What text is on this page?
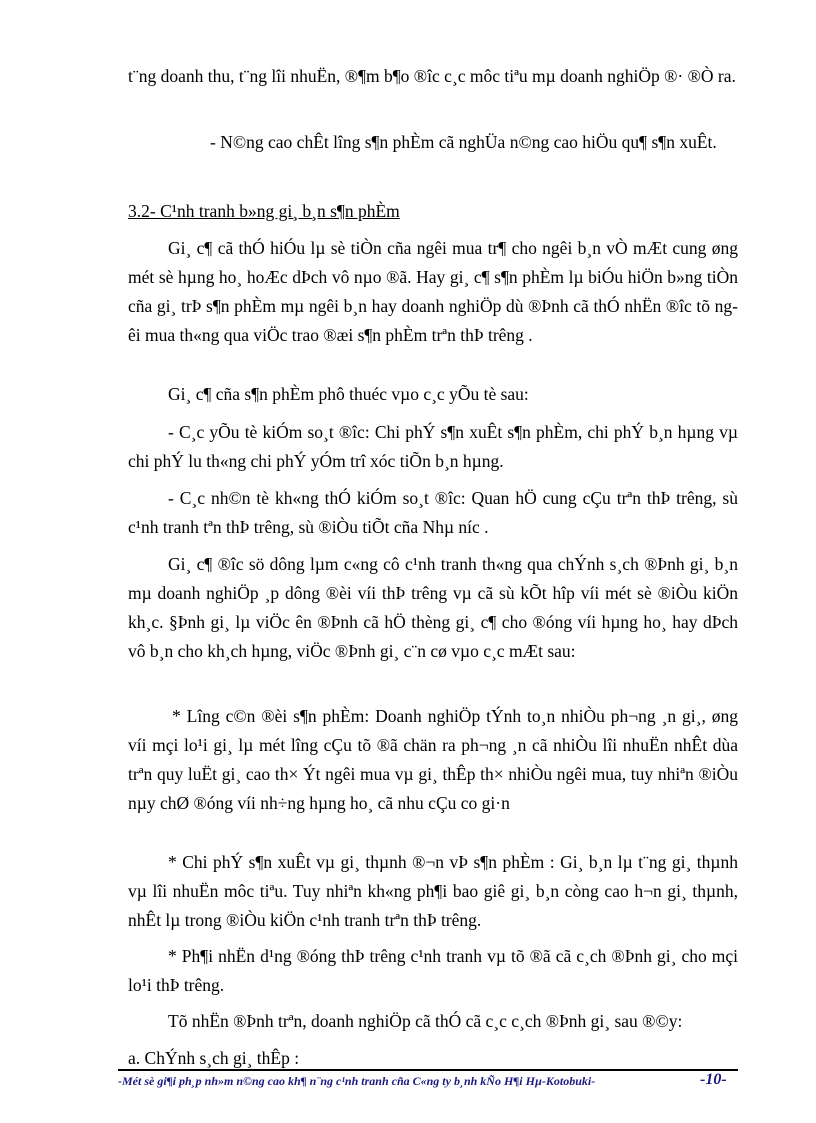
t¨ng doanh thu, t¨ng lîi nhuËn, ®¶m b¶o ®îc c¸c môc tiªu mµ doanh nghiÖp ®· ®Ò ra.
- N©ng cao chÊt lîng s¶n phÈm cã nghÜa n©ng cao hiÖu qu¶ s¶n xuÊt.
3.2- C¹nh tranh b»ng gi¸ b¸n s¶n phÈm
Gi¸ c¶ cã thÓ hiÓu lµ sè tiÒn cña ngêi mua tr¶ cho ngêi b¸n vÒ mÆt cung øng mét sè hµng ho¸ hoÆc dÞch vô nµo ®ã. Hay gi¸ c¶ s¶n phÈm lµ biÓu hiÖn b»ng tiÒn cña gi¸ trÞ s¶n phÈm mµ ngêi b¸n hay doanh nghiÖp dù ®Þnh cã thÓ nhËn ®îc tõ ngêi mua th«ng qua viÖc trao ®æi s¶n phÈm trªn thÞ trêng .
Gi¸ c¶ cña s¶n phÈm phô thuéc vµo c¸c yÕu tè sau:
- C¸c yÕu tè kiÓm so¸t ®îc: Chi phÝ s¶n xuÊt s¶n phÈm, chi phÝ b¸n hµng vµ chi phÝ lu th«ng chi phÝ yÓm trî xóc tiÕn b¸n hµng.
- C¸c nh©n tè kh«ng thÓ kiÓm so¸t ®îc: Quan hÖ cung cÇu trªn thÞ trêng, sù c¹nh tranh tªn thÞ trêng, sù ®iÒu tiÕt cña Nhµ níc .
Gi¸ c¶ ®îc sö dông lµm c«ng cô c¹nh tranh th«ng qua chÝnh s¸ch ®Þnh gi¸ b¸n mµ doanh nghiÖp ¸p dông ®èi víi thÞ trêng vµ cã sù kÕt hîp víi mét sè ®iÒu kiÖn kh¸c. §Þnh gi¸ lµ viÖc ên ®Þnh cã hÖ thèng gi¸ c¶ cho ®óng víi hµng ho¸ hay dÞch vô b¸n cho kh¸ch hµng, viÖc ®Þnh gi¸ c¨n cø vµo c¸c mÆt sau:
* Lîng c©n ®èi s¶n phÈm: Doanh nghiÖp tÝnh to¸n nhiÒu ph¬ng ¸n gi¸, øng víi mçi lo¹i gi¸ lµ mét lîng cÇu tõ ®ã chän ra ph¬ng ¸n cã nhiÒu lîi nhuËn nhÊt dùa trªn quy luËt gi¸ cao th× Ýt ngêi mua vµ gi¸ thÊp th× nhiÒu ngêi mua, tuy nhiªn ®iÒu nµy chØ ®óng víi nh÷ng hµng ho¸ cã nhu cÇu co gi·n
* Chi phÝ s¶n xuÊt vµ gi¸ thµnh ®¬n vÞ s¶n phÈm : Gi¸ b¸n lµ t¨ng gi¸ thµnh vµ lîi nhuËn môc tiªu. Tuy nhiªn kh«ng ph¶i bao giê gi¸ b¸n còng cao h¬n gi¸ thµnh, nhÊt lµ trong ®iÒu kiÖn c¹nh tranh trªn thÞ trêng.
* Ph¶i nhËn d¹ng ®óng thÞ trêng c¹nh tranh vµ tõ ®ã cã c¸ch ®Þnh gi¸ cho mçi lo¹i thÞ trêng.
Tõ nhËn ®Þnh trªn, doanh nghiÖp cã thÓ cã c¸c c¸ch ®Þnh gi¸ sau ®©y:
a. ChÝnh s¸ch gi¸ thÊp :
-Mét sè gi¶i ph¸p nh»m n©ng cao kh¶ n¨ng c¹nh tranh cña C«ng ty b¸nh kÑo H¶i Hµ-Kotobuki-	-10-
